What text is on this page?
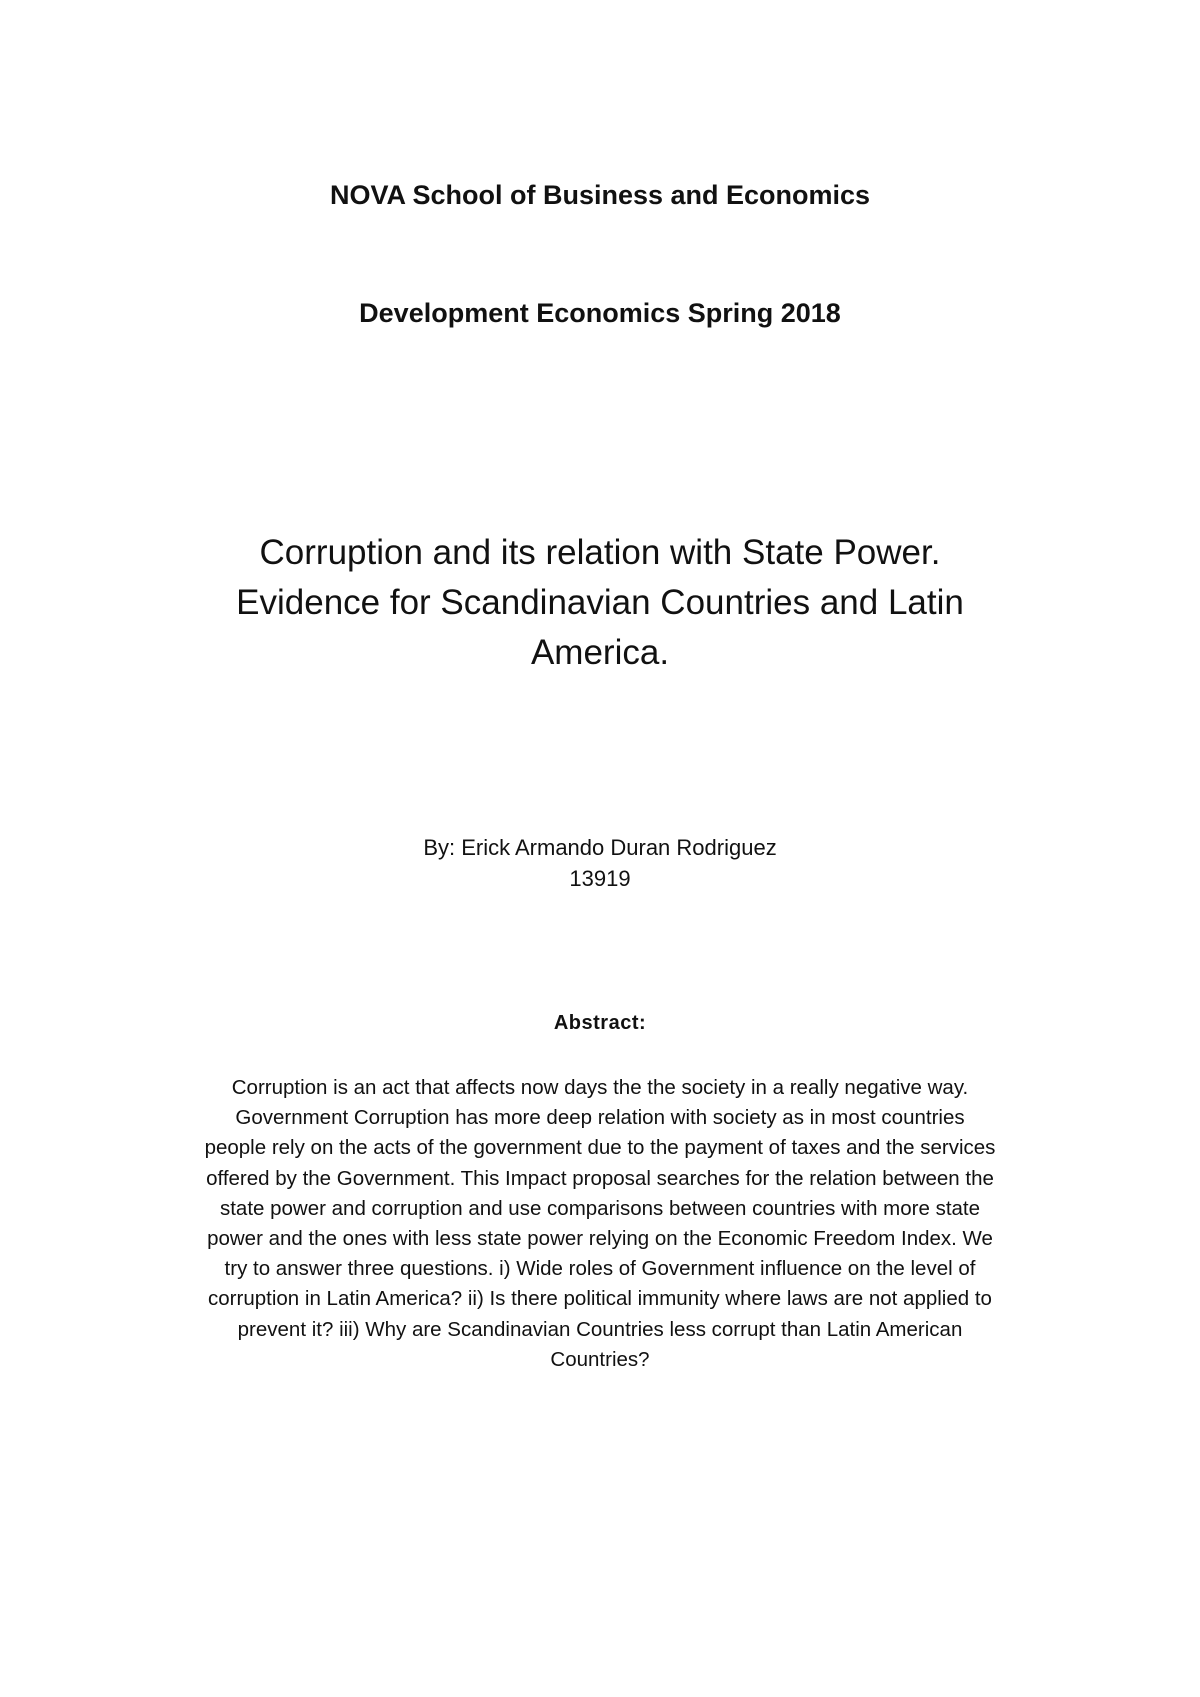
NOVA School of Business and Economics
Development Economics Spring 2018
Corruption and its relation with State Power.
Evidence for Scandinavian Countries and Latin
America.
By: Erick Armando Duran Rodriguez
13919
Abstract:
Corruption is an act that affects now days the the society in a really negative way.
Government Corruption has more deep relation with society as in most countries
people rely on the acts of the government due to the payment of taxes and the services
offered by the Government. This Impact proposal searches for the relation between the
state power and corruption and use comparisons between countries with more state
power and the ones with less state power relying on the Economic Freedom Index. We
try to answer three questions. i) Wide roles of Government influence on the level of
corruption in Latin America? ii) Is there political immunity where laws are not applied to
prevent it? iii) Why are Scandinavian Countries less corrupt than Latin American
Countries?
